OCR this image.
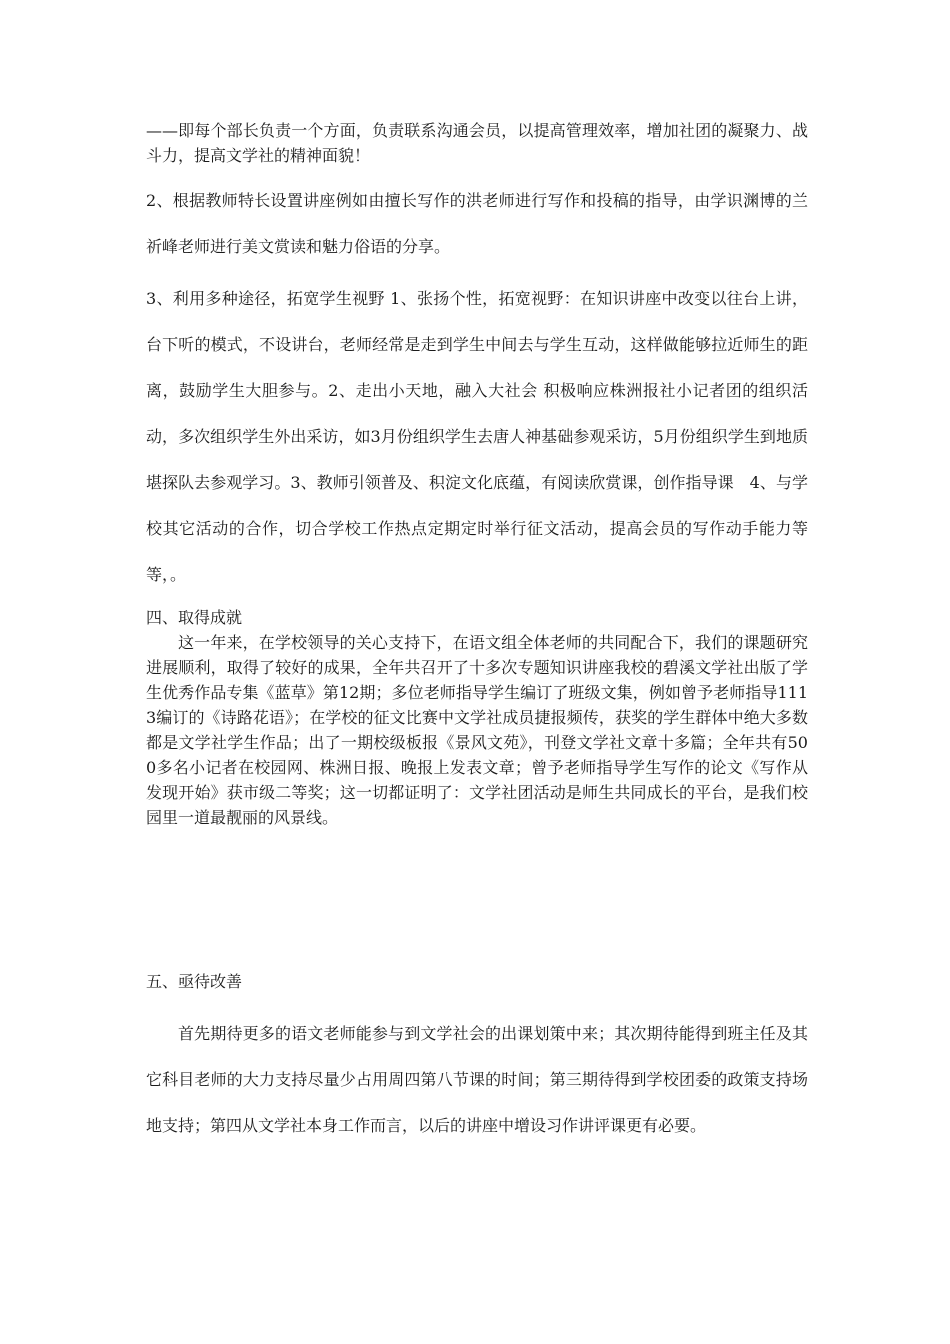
——即每个部长负责一个方面，负责联系沟通会员，以提高管理效率，增加社团的凝聚力、战斗力，提高文学社的精神面貌！

2、根据教师特长设置讲座例如由擅长写作的洪老师进行写作和投稿的指导，由学识渊博的兰祈峰老师进行美文赏读和魅力俗语的分享。

3、利用多种途径，拓宽学生视野 1、张扬个性，拓宽视野：在知识讲座中改变以往台上讲，台下听的模式，不设讲台，老师经常是走到学生中间去与学生互动，这样做能够拉近师生的距离，鼓励学生大胆参与。2、走出小天地，融入大社会 积极响应株洲报社小记者团的组织活动，多次组织学生外出采访，如3月份组织学生去唐人神基础参观采访，5月份组织学生到地质堪探队去参观学习。3、教师引领普及、积淀文化底蕴，有阅读欣赏课，创作指导课　4、与学校其它活动的合作，切合学校工作热点定期定时举行征文活动，提高会员的写作动手能力等等，。

四、取得成就

这一年来，在学校领导的关心支持下，在语文组全体老师的共同配合下，我们的课题研究进展顺利，取得了较好的成果，全年共召开了十多次专题知识讲座我校的碧溪文学社出版了学生优秀作品专集《蓝草》第12期；多位老师指导学生编订了班级文集，例如曾予老师指导1113编订的《诗路花语》；在学校的征文比赛中文学社成员捷报频传，获奖的学生群体中绝大多数都是文学社学生作品；出了一期校级板报《景风文苑》，刊登文学社文章十多篇；全年共有500多名小记者在校园网、株洲日报、晚报上发表文章；曾予老师指导学生写作的论文《写作从发现开始》获市级二等奖；这一切都证明了：文学社团活动是师生共同成长的平台，是我们校园里一道最靓丽的风景线。

五、亟待改善

首先期待更多的语文老师能参与到文学社会的出课划策中来；其次期待能得到班主任及其它科目老师的大力支持尽量少占用周四第八节课的时间；第三期待得到学校团委的政策支持场地支持；第四从文学社本身工作而言，以后的讲座中增设习作讲评课更有必要。
